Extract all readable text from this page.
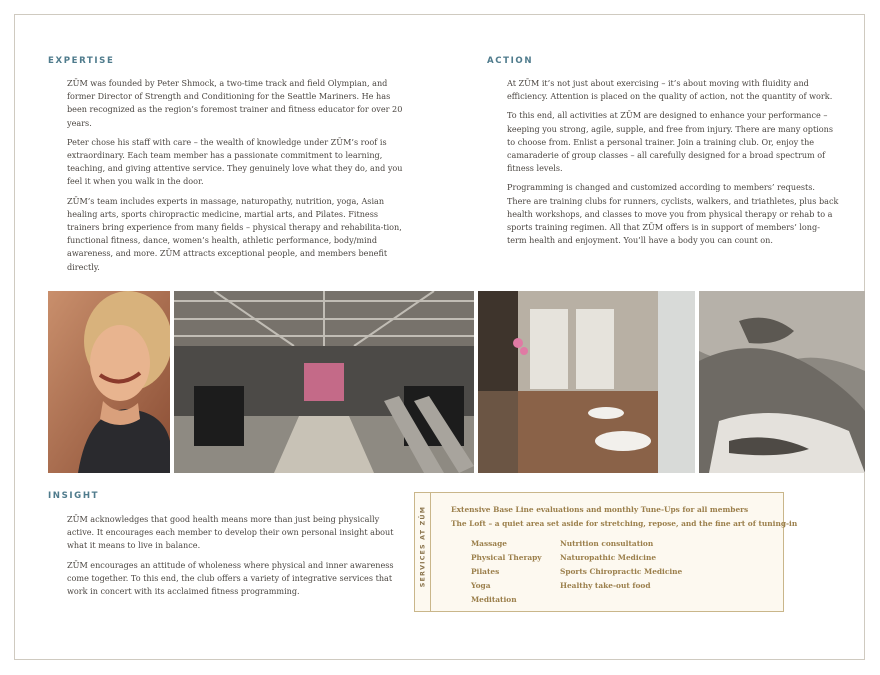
EXPERTISE

ZŪM was founded by Peter Shmock, a two-time track and field Olympian, and former Director of Strength and Conditioning for the Seattle Mariners. He has been recognized as the region’s foremost trainer and fitness educator for over 20 years.

Peter chose his staff with care – the wealth of knowledge under ZŪM’s roof is extraordinary. Each team member has a passionate commitment to learning, teaching, and giving attentive service. They genuinely love what they do, and you feel it when you walk in the door.

ZŪM’s team includes experts in massage, naturopathy, nutrition, yoga, Asian healing arts, sports chiropractic medicine, martial arts, and Pilates. Fitness trainers bring experience from many fields – physical therapy and rehabilita-tion, functional fitness, dance, women’s health, athletic performance, body/mind awareness, and more. ZŪM attracts exceptional people, and members benefit directly.

ACTION

At ZŪM it’s not just about exercising – it’s about moving with fluidity and efficiency. Attention is placed on the quality of action, not the quantity of work.

To this end, all activities at ZŪM are designed to enhance your performance – keeping you strong, agile, supple, and free from injury. There are many options to choose from. Enlist a personal trainer. Join a training club. Or, enjoy the camaraderie of group classes – all carefully designed for a broad spectrum of fitness levels.

Programming is changed and customized according to members’ requests. There are training clubs for runners, cyclists, walkers, and triathletes, plus back health workshops, and classes to move you from physical therapy or rehab to a sports training regimen. All that ZŪM offers is in support of members’ long-term health and enjoyment. You’ll have a body you can count on.

INSIGHT

ZŪM acknowledges that good health means more than just being physically active. It encourages each member to develop their own personal insight about what it means to live in balance.

ZŪM encourages an attitude of wholeness where physical and inner awareness come together. To this end, the club offers a variety of integrative services that work in concert with its acclaimed fitness programming.

SERVICES AT ZŪM	Extensive Base Line evaluations and monthly Tune-Ups for all members
The Loft – a quiet area set aside for stretching, repose, and the fine art of tuning-in
Massage
Physical Therapy
Pilates
Yoga
Meditation
Nutrition consultation
Naturopathic Medicine
Sports Chiropractic Medicine
Healthy take-out food
